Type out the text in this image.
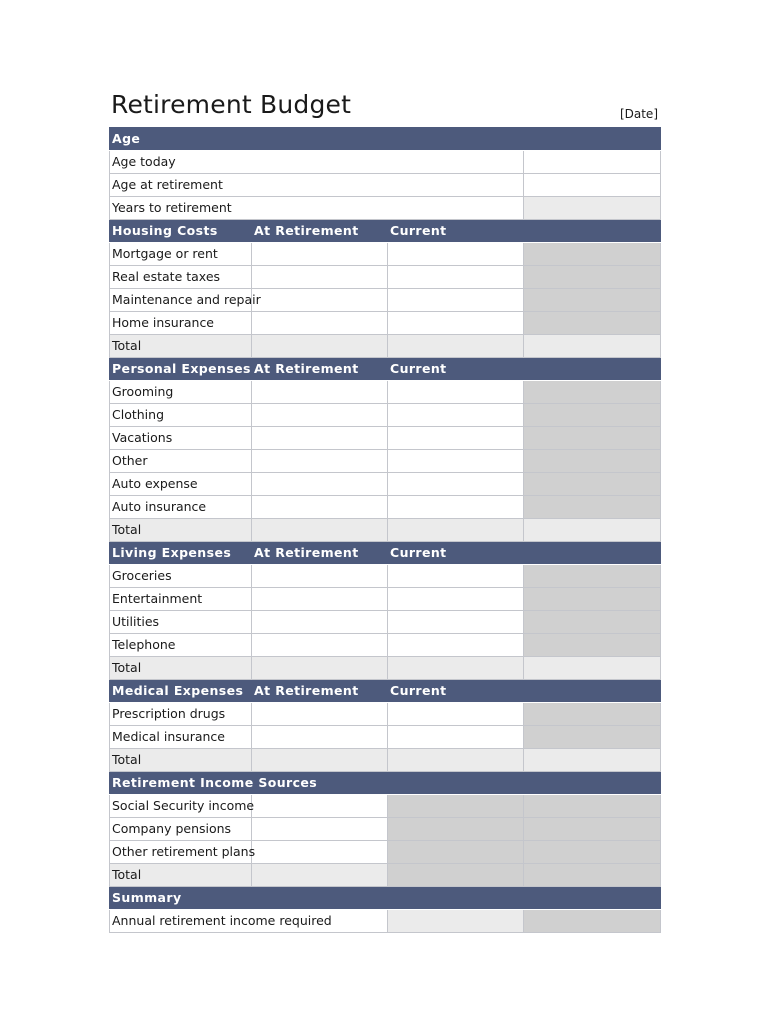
Retirement Budget	[Date]
Age			
Age today			
Age at retirement			
Years to retirement			
Housing Costs	At Retirement	Current	
Mortgage or rent			
Real estate taxes			
Maintenance and repair			
Home insurance			
Total			
Personal Expenses	At Retirement	Current	
Grooming			
Clothing			
Vacations			
Other			
Auto expense			
Auto insurance			
Total			
Living Expenses	At Retirement	Current	
Groceries			
Entertainment			
Utilities			
Telephone			
Total			
Medical Expenses	At Retirement	Current	
Prescription drugs			
Medical insurance			
Total			
Retirement Income Sources			
Social Security income			
Company pensions			
Other retirement plans			
Total			
Summary			
Annual retirement income required			
